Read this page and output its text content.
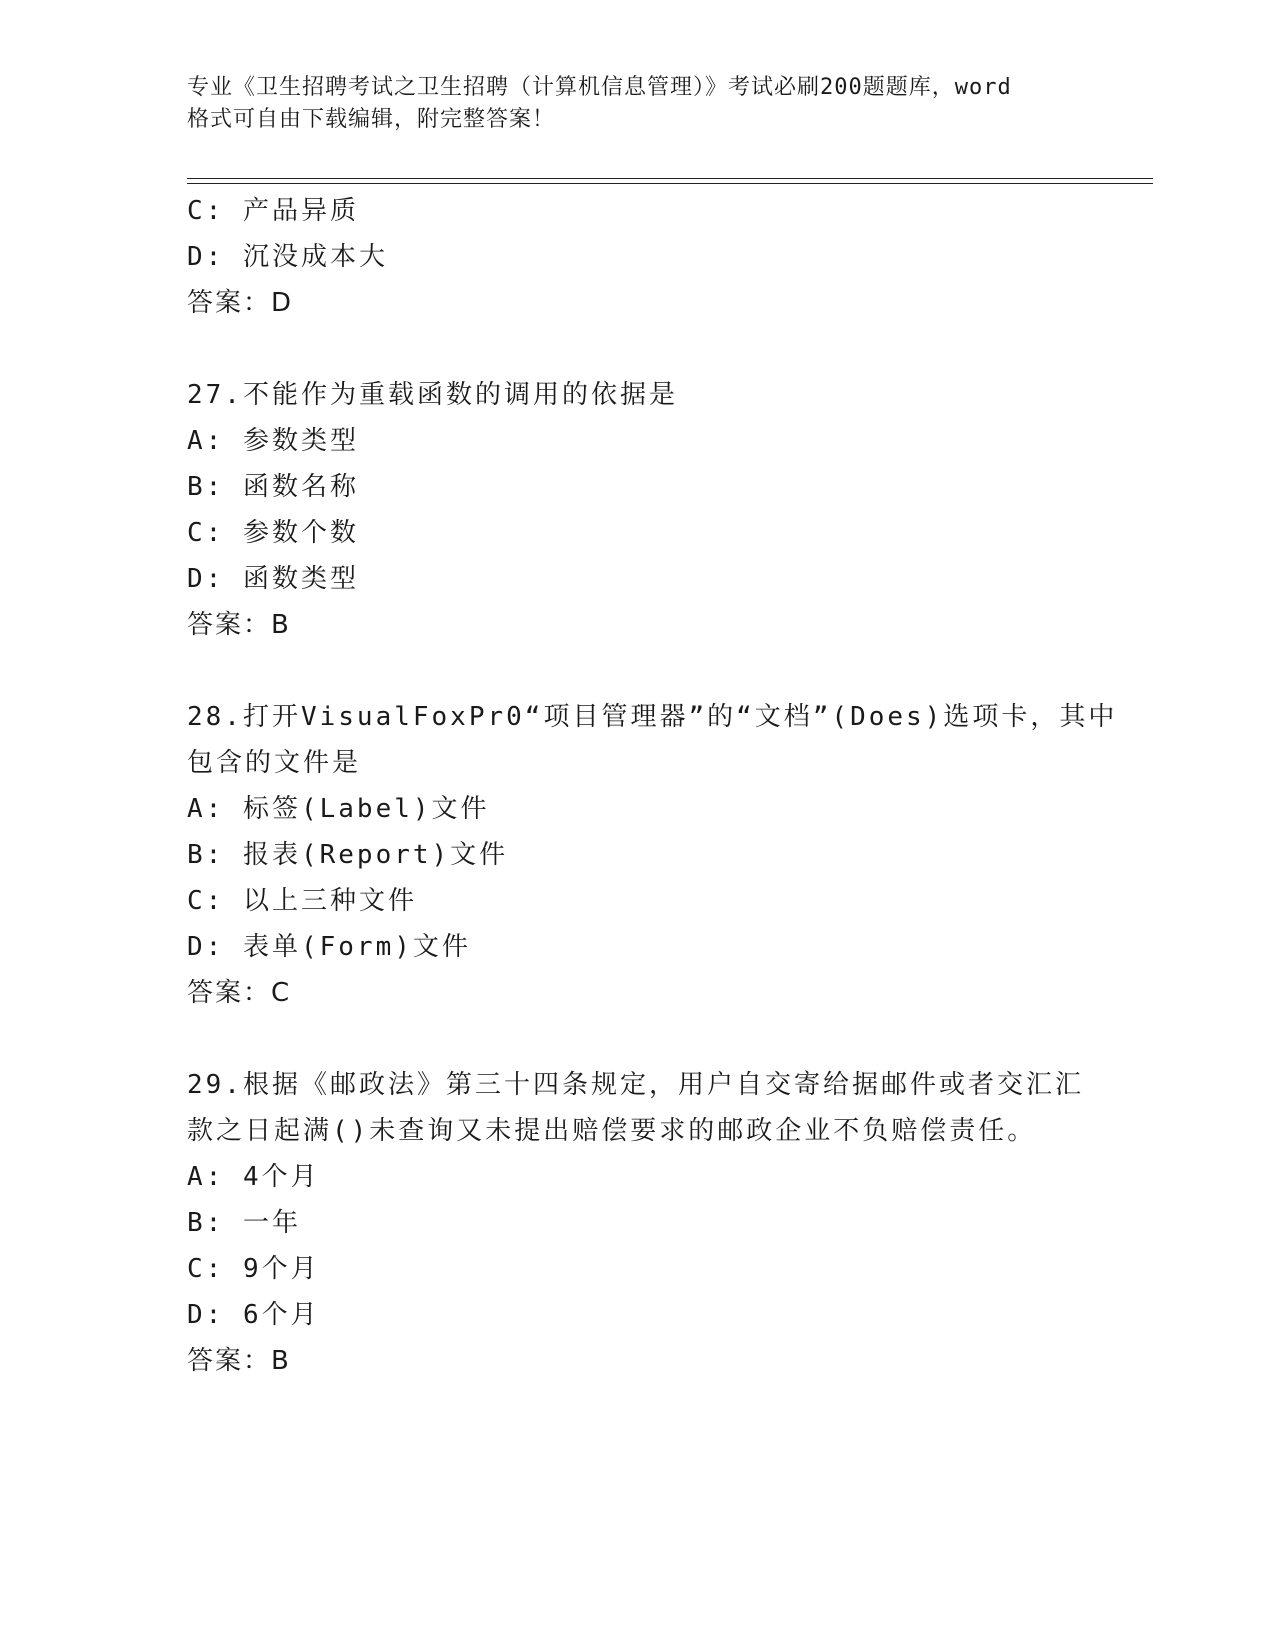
专业《卫生招聘考试之卫生招聘（计算机信息管理）》考试必刷200题题库，word

格式可自由下载编辑，附完整答案！

C: 产品异质
D: 沉没成本大
答案：D
27.不能作为重载函数的调用的依据是
A: 参数类型
B: 函数名称
C: 参数个数
D: 函数类型
答案：B
28.打开VisualFoxPr0“项目管理器”的“文档”(Does)选项卡，其中
包含的文件是
A: 标签(Label)文件
B: 报表(Report)文件
C: 以上三种文件
D: 表单(Form)文件
答案：C
29.根据《邮政法》第三十四条规定，用户自交寄给据邮件或者交汇汇
款之日起满()未查询又未提出赔偿要求的邮政企业不负赔偿责任。
A: 4个月
B: 一年
C: 9个月
D: 6个月
答案：B
